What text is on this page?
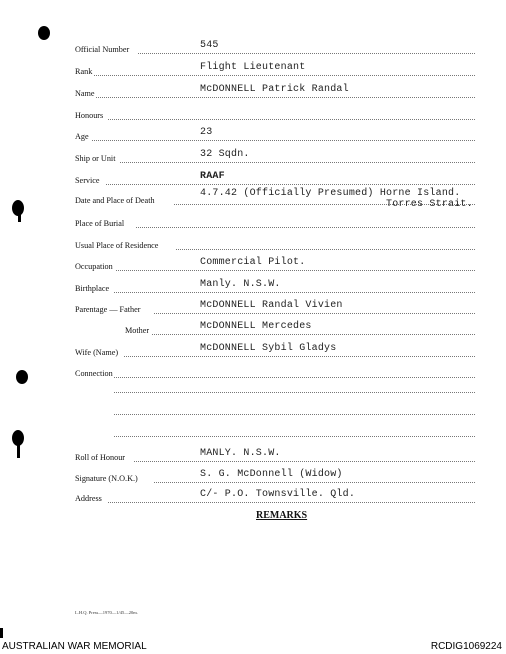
Official Number	545
Rank	Flight Lieutenant
Name	McDONNELL Patrick Randal
Honours
Age	23
Ship or Unit	32 Sqdn.
Service	RAAF
Date and Place of Death
4.7.42 (Officially Presumed) Horne Island.
Torres Strait.
Place of Burial
Usual Place of Residence
Occupation	Commercial Pilot.
Birthplace	Manly. N.S.W.
Parentage — Father	McDONNELL Randal Vivien
Mother	McDONNELL Mercedes
Wife (Name)	McDONNELL Sybil Gladys
Connection
Roll of Honour	MANLY. N.S.W.
Signature (N.O.K.)	S. G. McDonnell (Widow)
Address	C/- P.O. Townsville. Qld.
REMARKS
L.H.Q. Press—1970—1/45—20m.
AUSTRALIAN WAR MEMORIAL	RCDIG1069224
